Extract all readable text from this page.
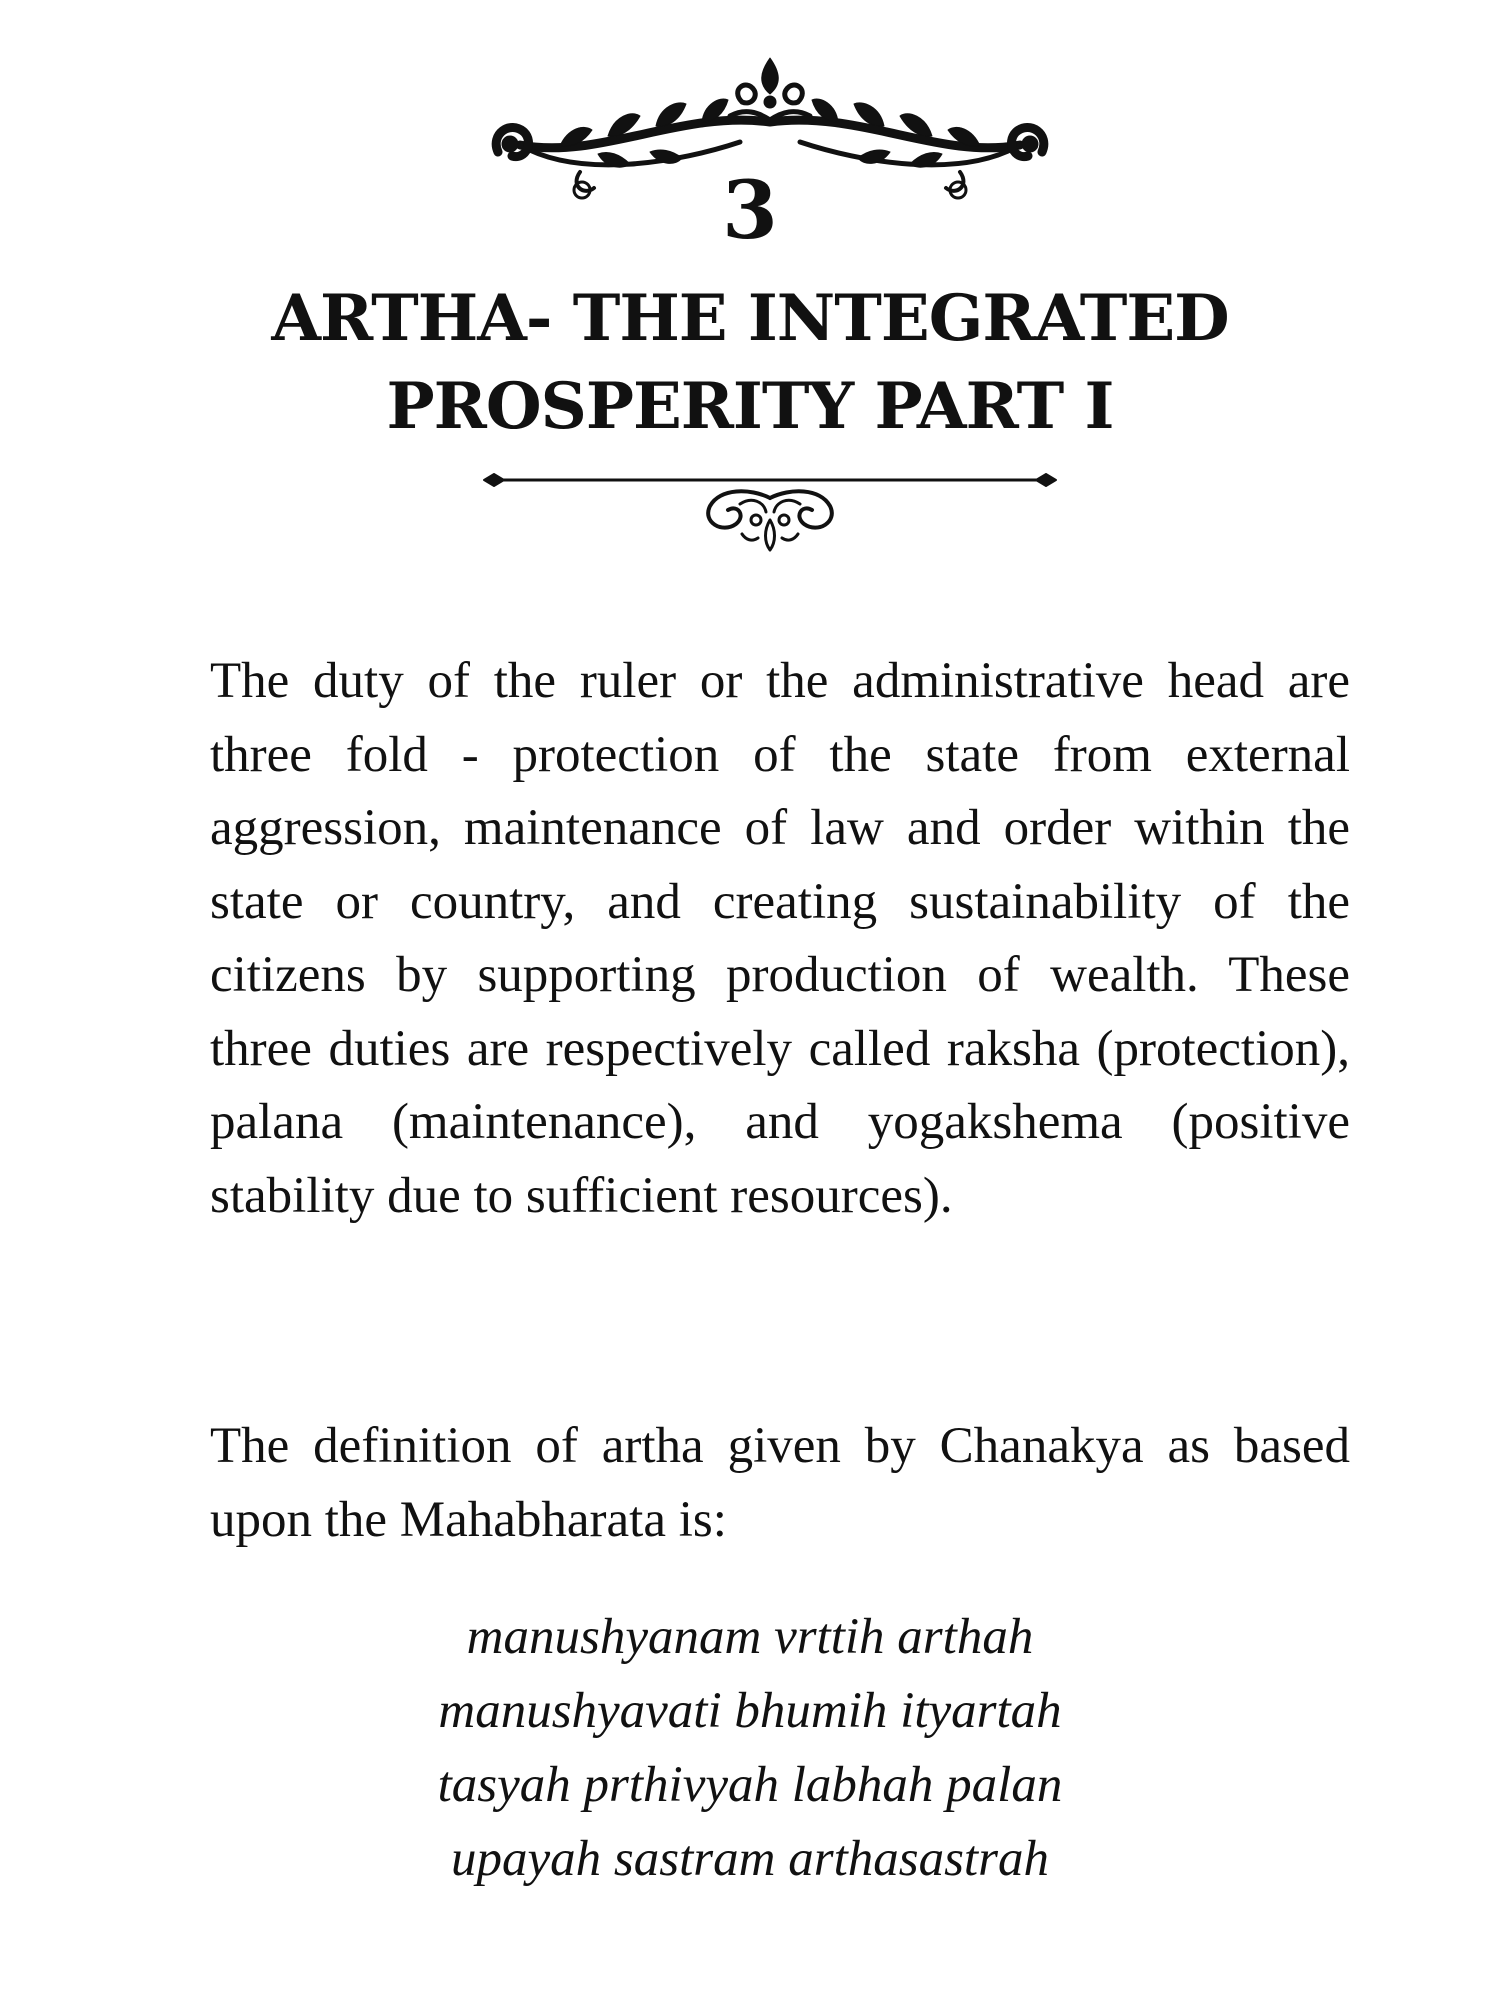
3
ARTHA- THE INTEGRATED
PROSPERITY PART I

The duty of the ruler or the administrative head are three fold - protection of the state from external aggression, maintenance of law and order within the state or country, and creating sustainability of the citizens by supporting production of wealth. These three duties are respectively called raksha (protection), palana (maintenance), and yogakshema (positive stability due to sufficient resources).

The definition of artha given by Chanakya as based upon the Mahabharata is:

manushyanam vrttih arthah
manushyavati bhumih ityartah
tasyah prthivyah labhah palan
upayah sastram arthasastrah
